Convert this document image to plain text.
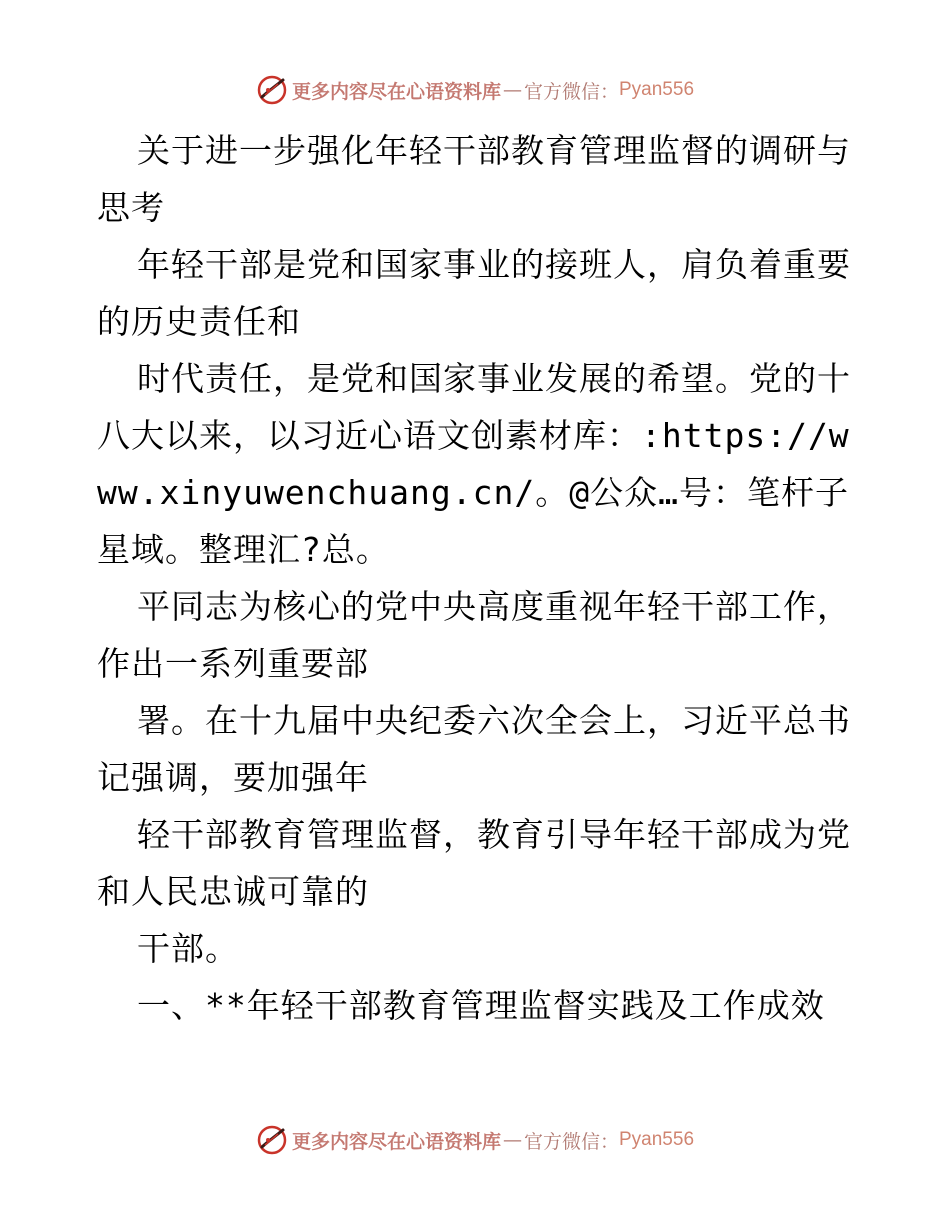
更多内容尽在心语资料库 — 官方微信： Pyan556

关于进一步强化年轻干部教育管理监督的调研与思考

年轻干部是党和国家事业的接班人，肩负着重要的历史责任和

时代责任，是党和国家事业发展的希望。党的十八大以来，以习近心语文创素材库：:https://www.xinyuwenchuang.cn/。@公众…号：笔杆子星域。整理汇?总。

平同志为核心的党中央高度重视年轻干部工作，作出一系列重要部

署。在十九届中央纪委六次全会上，习近平总书记强调，要加强年

轻干部教育管理监督，教育引导年轻干部成为党和人民忠诚可靠的

干部。

一、**年轻干部教育管理监督实践及工作成效

更多内容尽在心语资料库 — 官方微信： Pyan556
